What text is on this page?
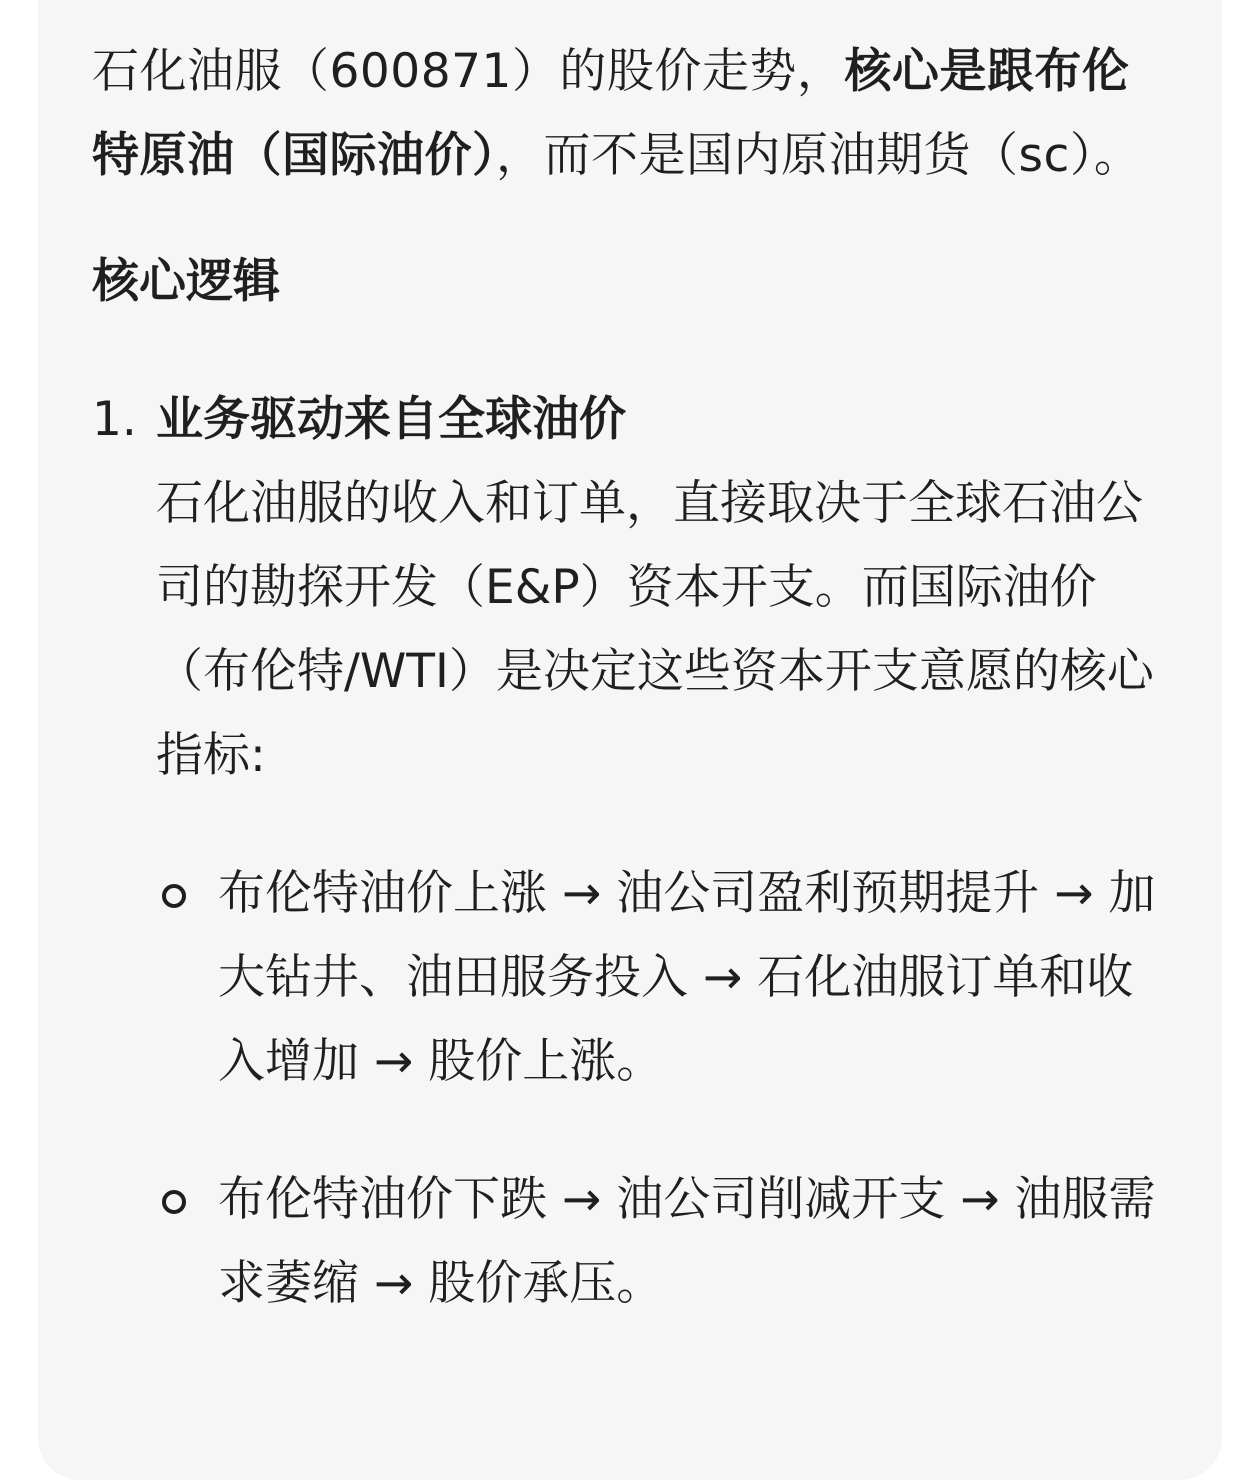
石化油服（600871）的股价走势，核心是跟布伦特原油（国际油价），而不是国内原油期货（sc）。

核心逻辑
1. 业务驱动来自全球油价
石化油服的收入和订单，直接取决于全球石油公司的勘探开发（E&P）资本开支。而国际油价（布伦特/WTI）是决定这些资本开支意愿的核心指标:
布伦特油价上涨 → 油公司盈利预期提升 → 加大钻井、油田服务投入 → 石化油服订单和收入增加 → 股价上涨。
布伦特油价下跌 → 油公司削减开支 → 油服需求萎缩 → 股价承压。
